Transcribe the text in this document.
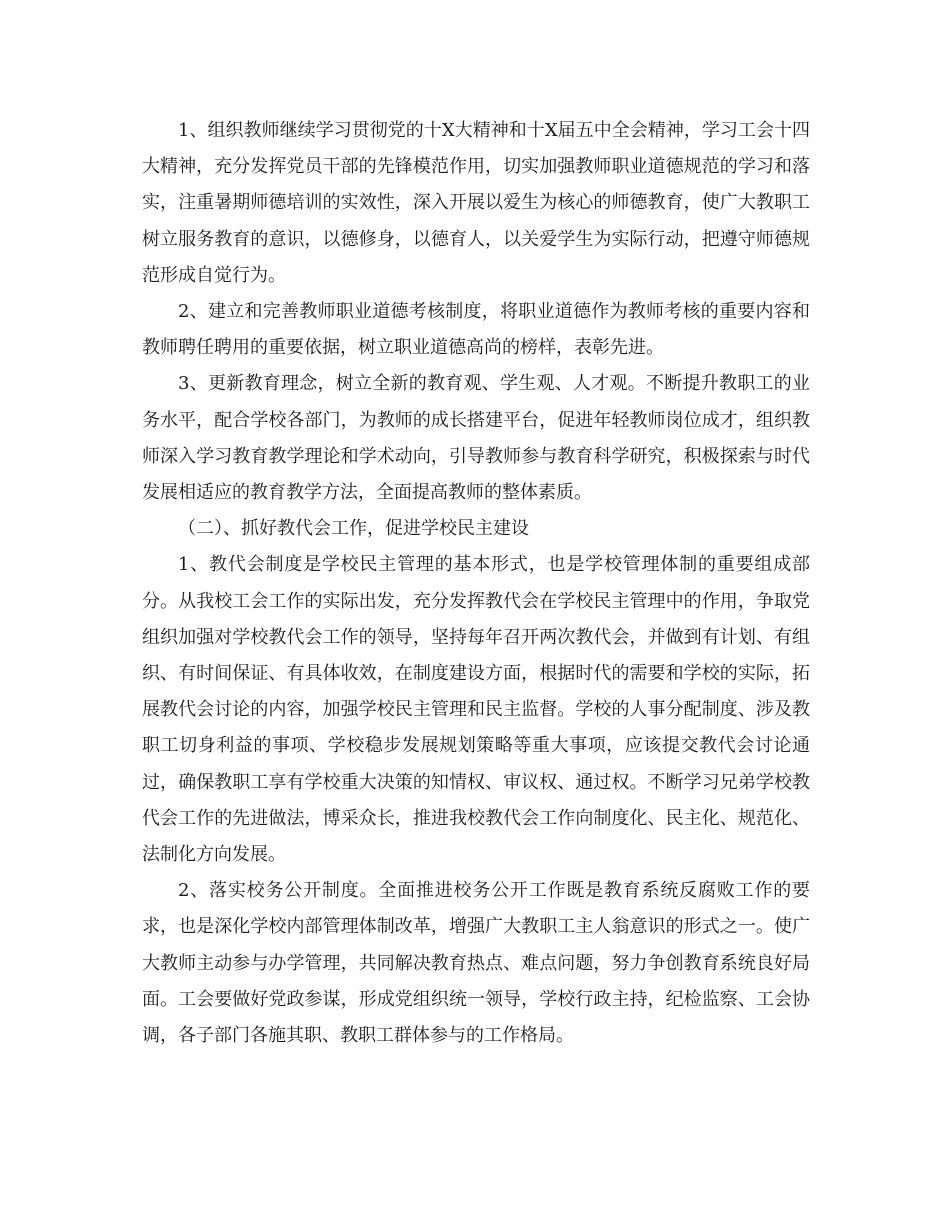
1、组织教师继续学习贯彻党的十X大精神和十X届五中全会精神，学习工会十四大精神，充分发挥党员干部的先锋模范作用，切实加强教师职业道德规范的学习和落实，注重暑期师德培训的实效性，深入开展以爱生为核心的师德教育，使广大教职工树立服务教育的意识，以德修身，以德育人，以关爱学生为实际行动，把遵守师德规范形成自觉行为。

2、建立和完善教师职业道德考核制度，将职业道德作为教师考核的重要内容和教师聘任聘用的重要依据，树立职业道德高尚的榜样，表彰先进。

3、更新教育理念，树立全新的教育观、学生观、人才观。不断提升教职工的业务水平，配合学校各部门，为教师的成长搭建平台，促进年轻教师岗位成才，组织教师深入学习教育教学理论和学术动向，引导教师参与教育科学研究，积极探索与时代发展相适应的教育教学方法，全面提高教师的整体素质。

（二）、抓好教代会工作，促进学校民主建设

1、教代会制度是学校民主管理的基本形式，也是学校管理体制的重要组成部分。从我校工会工作的实际出发，充分发挥教代会在学校民主管理中的作用，争取党组织加强对学校教代会工作的领导，坚持每年召开两次教代会，并做到有计划、有组织、有时间保证、有具体收效，在制度建设方面，根据时代的需要和学校的实际，拓展教代会讨论的内容，加强学校民主管理和民主监督。学校的人事分配制度、涉及教职工切身利益的事项、学校稳步发展规划策略等重大事项，应该提交教代会讨论通过，确保教职工享有学校重大决策的知情权、审议权、通过权。不断学习兄弟学校教代会工作的先进做法，博采众长，推进我校教代会工作向制度化、民主化、规范化、法制化方向发展。

2、落实校务公开制度。全面推进校务公开工作既是教育系统反腐败工作的要求，也是深化学校内部管理体制改革，增强广大教职工主人翁意识的形式之一。使广大教师主动参与办学管理，共同解决教育热点、难点问题，努力争创教育系统良好局面。工会要做好党政参谋，形成党组织统一领导，学校行政主持，纪检监察、工会协调，各子部门各施其职、教职工群体参与的工作格局。
